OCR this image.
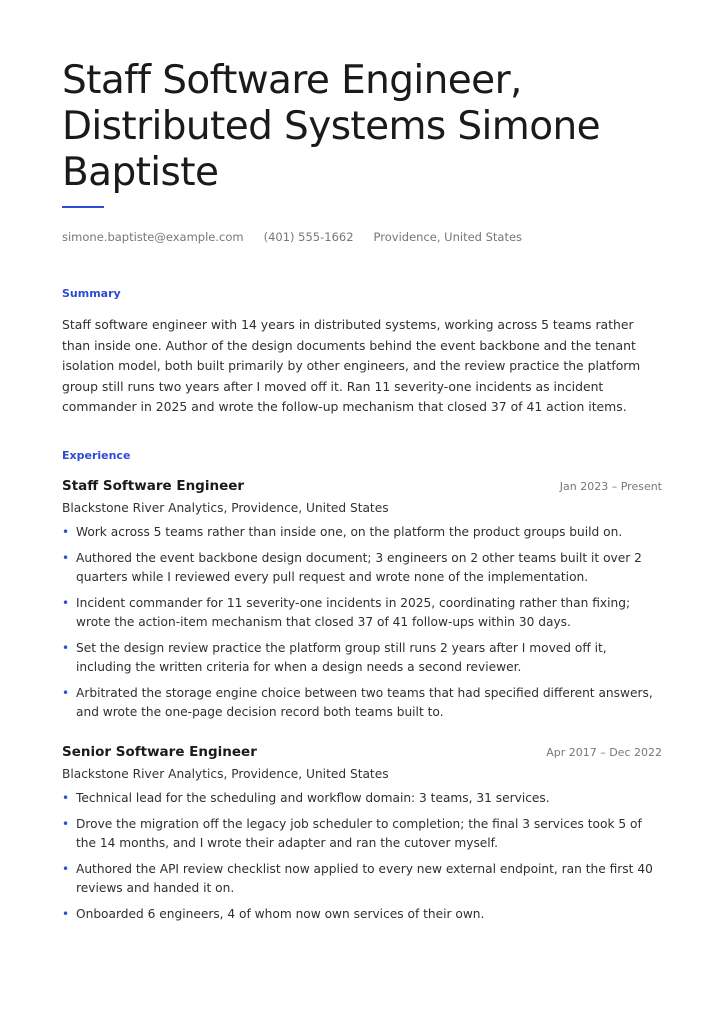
Staff Software Engineer, Distributed Systems Simone Baptiste
simone.baptiste@example.com (401) 555-1662 Providence, United States
Summary

Staff software engineer with 14 years in distributed systems, working across 5 teams rather than inside one. Author of the design documents behind the event backbone and the tenant isolation model, both built primarily by other engineers, and the review practice the platform group still runs two years after I moved off it. Ran 11 severity-one incidents as incident commander in 2025 and wrote the follow-up mechanism that closed 37 of 41 action items.

Experience
Staff Software Engineer	Jan 2023 – Present
Blackstone River Analytics, Providence, United States
• Work across 5 teams rather than inside one, on the platform the product groups build on.
• Authored the event backbone design document; 3 engineers on 2 other teams built it over 2 quarters while I reviewed every pull request and wrote none of the implementation.
• Incident commander for 11 severity-one incidents in 2025, coordinating rather than fixing; wrote the action-item mechanism that closed 37 of 41 follow-ups within 30 days.
• Set the design review practice the platform group still runs 2 years after I moved off it, including the written criteria for when a design needs a second reviewer.
• Arbitrated the storage engine choice between two teams that had specified different answers, and wrote the one-page decision record both teams built to.
Senior Software Engineer	Apr 2017 – Dec 2022
Blackstone River Analytics, Providence, United States
• Technical lead for the scheduling and workflow domain: 3 teams, 31 services.
• Drove the migration off the legacy job scheduler to completion; the final 3 services took 5 of the 14 months, and I wrote their adapter and ran the cutover myself.
• Authored the API review checklist now applied to every new external endpoint, ran the first 40 reviews and handed it on.
• Onboarded 6 engineers, 4 of whom now own services of their own.
